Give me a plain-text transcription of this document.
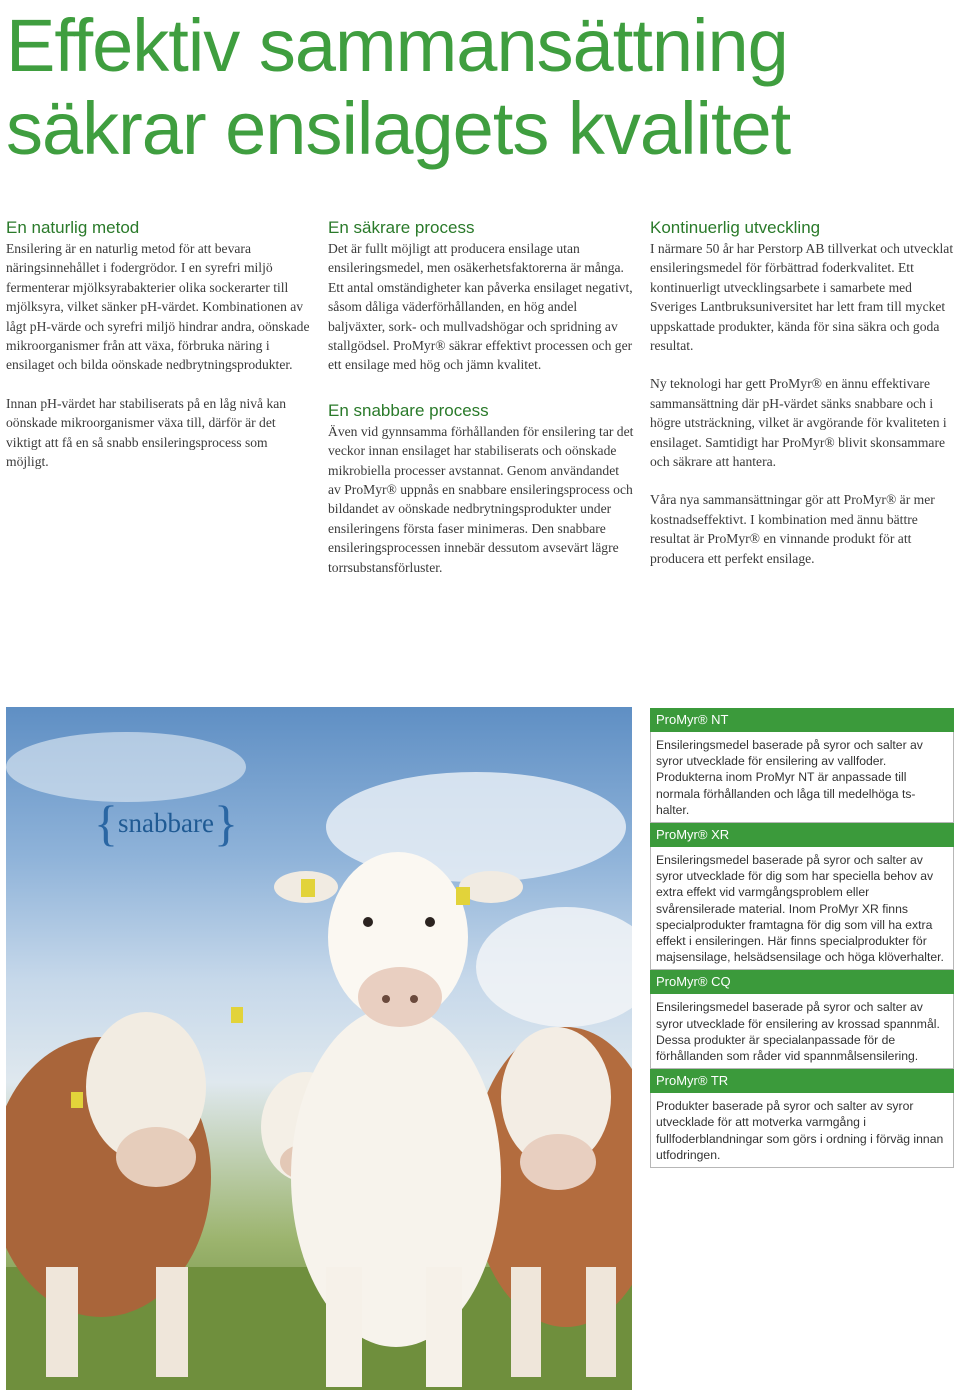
Effektiv sammansättning
säkrar ensilagets kvalitet
En naturlig metod

Ensilering är en naturlig metod för att bevara näringsinnehållet i fodergrödor. I en syrefri miljö fermenterar mjölksyrabakterier olika sockerarter till mjölksyra, vilket sänker pH-värdet. Kombinationen av lågt pH-värde och syrefri miljö hindrar andra, oönskade mikroorganismer från att växa, förbruka näring i ensilaget och bilda oönskade nedbrytningsprodukter.

Innan pH-värdet har stabiliserats på en låg nivå kan oönskade mikroorganismer växa till, därför är det viktigt att få en så snabb ensileringsprocess som möjligt.

En säkrare process

Det är fullt möjligt att producera ensilage utan ensileringsmedel, men osäkerhetsfaktorerna är många. Ett antal omständigheter kan påverka ensilaget negativt, såsom dåliga väderförhållanden, en hög andel baljväxter, sork- och mullvadshögar och spridning av stallgödsel. ProMyr® säkrar effektivt processen och ger ett ensilage med hög och jämn kvalitet.

En snabbare process

Även vid gynnsamma förhållanden för ensilering tar det veckor innan ensilaget har stabiliserats och oönskade mikrobiella processer avstannat. Genom användandet av ProMyr® uppnås en snabbare ensileringsprocess och bildandet av oönskade nedbrytningsprodukter under ensileringens första faser minimeras. Den snabbare ensileringsprocessen innebär dessutom avsevärt lägre torrsubstansförluster.

Kontinuerlig utveckling

I närmare 50 år har Perstorp AB tillverkat och utvecklat ensileringsmedel för förbättrad foderkvalitet. Ett kontinuerligt utvecklingsarbete i samarbete med Sveriges Lantbruksuniversitet har lett fram till mycket uppskattade produkter, kända för sina säkra och goda resultat.

Ny teknologi har gett ProMyr® en ännu effektivare sammansättning där pH-värdet sänks snabbare och i högre utsträckning, vilket är avgörande för kvaliteten i ensilaget. Samtidigt har ProMyr® blivit skonsammare och säkrare att hantera.

Våra nya sammansättningar gör att ProMyr® är mer kostnadseffektivt. I kombination med ännu bättre resultat är ProMyr® en vinnande produkt för att producera ett perfekt ensilage.

{snabbare}
ProMyr® NT
Ensileringsmedel baserade på syror och salter av syror utvecklade för ensilering av vallfoder. Produkterna inom ProMyr NT är anpassade till normala förhållanden och låga till medelhöga ts-halter.
ProMyr® XR
Ensileringsmedel baserade på syror och salter av syror utvecklade för dig som har speciella behov av extra effekt vid varmgångsproblem eller svårensilerade material. Inom ProMyr XR finns specialprodukter framtagna för dig som vill ha extra effekt i ensileringen. Här finns specialprodukter för majsensilage, helsädsensilage och höga klöverhalter.
ProMyr® CQ
Ensileringsmedel baserade på syror och salter av syror utvecklade för ensilering av krossad spannmål. Dessa produkter är specialanpassade för de förhållanden som råder vid spannmålsensilering.
ProMyr® TR
Produkter baserade på syror och salter av syror utvecklade för att motverka varmgång i fullfoderblandningar som görs i ordning i förväg innan utfodringen.
